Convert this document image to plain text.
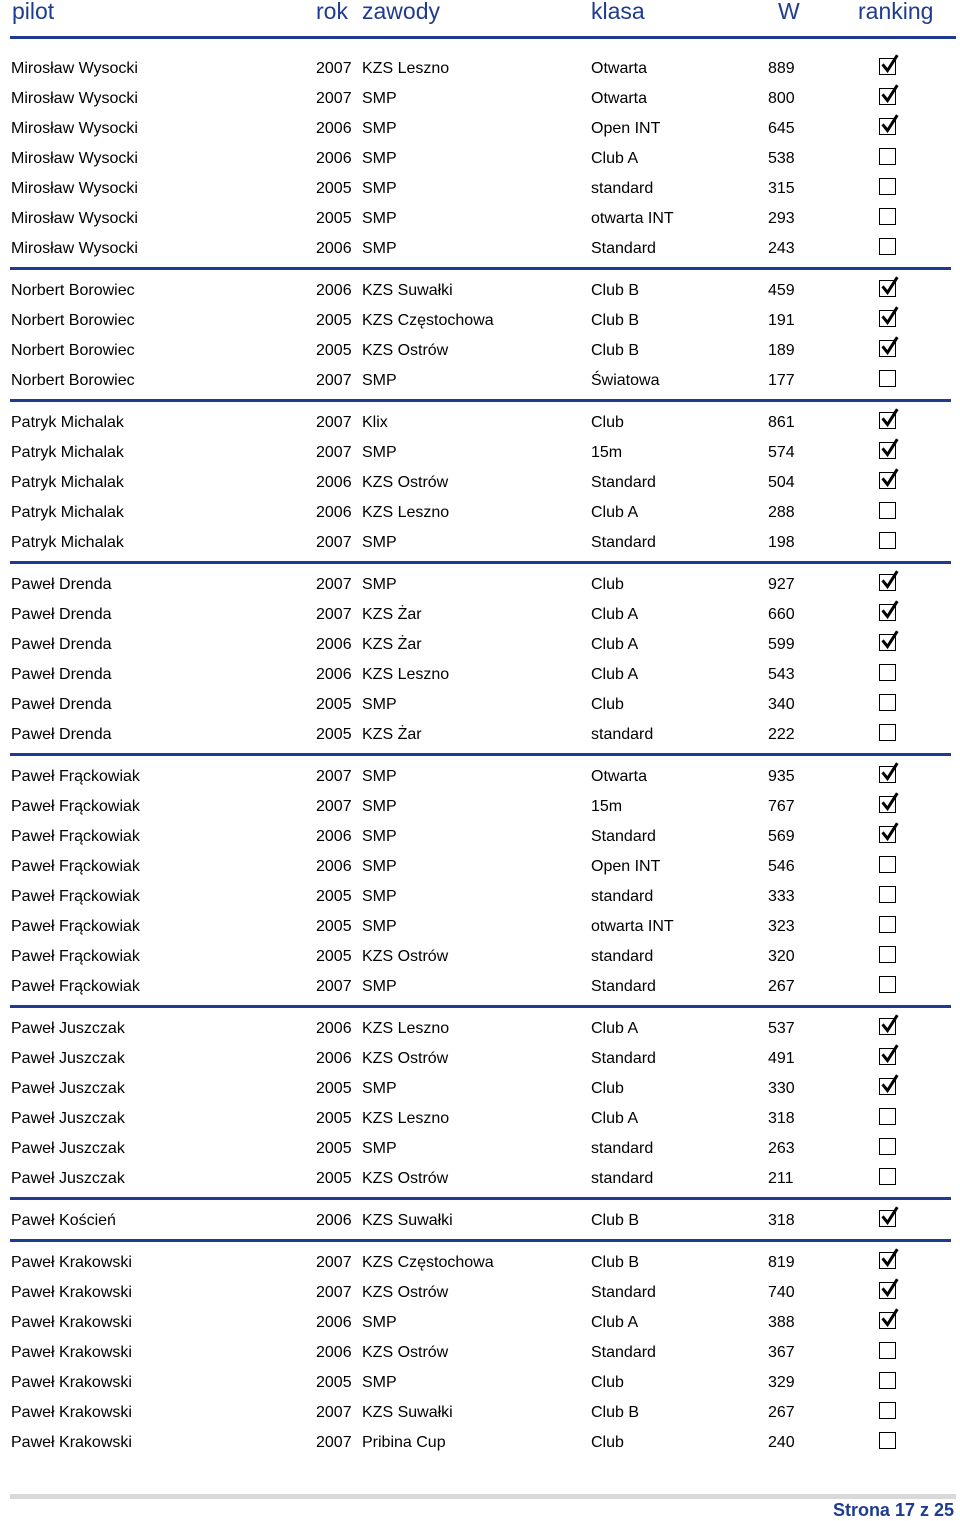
pilot	rok zawody	klasa	W	ranking
Mirosław Wysocki	2007 KZS Leszno	Otwarta	889
Mirosław Wysocki	2007 SMP	Otwarta	800
Mirosław Wysocki	2006 SMP	Open INT	645
Mirosław Wysocki	2006 SMP	Club A	538
Mirosław Wysocki	2005 SMP	standard	315
Mirosław Wysocki	2005 SMP	otwarta INT	293
Mirosław Wysocki	2006 SMP	Standard	243
Norbert Borowiec	2006 KZS Suwałki	Club B	459
Norbert Borowiec	2005 KZS Częstochowa	Club B	191
Norbert Borowiec	2005 KZS Ostrów	Club B	189
Norbert Borowiec	2007 SMP	Światowa	177
Patryk Michalak	2007 Klix	Club	861
Patryk Michalak	2007 SMP	15m	574
Patryk Michalak	2006 KZS Ostrów	Standard	504
Patryk Michalak	2006 KZS Leszno	Club A	288
Patryk Michalak	2007 SMP	Standard	198
Paweł Drenda	2007 SMP	Club	927
Paweł Drenda	2007 KZS Żar	Club A	660
Paweł Drenda	2006 KZS Żar	Club A	599
Paweł Drenda	2006 KZS Leszno	Club A	543
Paweł Drenda	2005 SMP	Club	340
Paweł Drenda	2005 KZS Żar	standard	222
Paweł Frąckowiak	2007 SMP	Otwarta	935
Paweł Frąckowiak	2007 SMP	15m	767
Paweł Frąckowiak	2006 SMP	Standard	569
Paweł Frąckowiak	2006 SMP	Open INT	546
Paweł Frąckowiak	2005 SMP	standard	333
Paweł Frąckowiak	2005 SMP	otwarta INT	323
Paweł Frąckowiak	2005 KZS Ostrów	standard	320
Paweł Frąckowiak	2007 SMP	Standard	267
Paweł Juszczak	2006 KZS Leszno	Club A	537
Paweł Juszczak	2006 KZS Ostrów	Standard	491
Paweł Juszczak	2005 SMP	Club	330
Paweł Juszczak	2005 KZS Leszno	Club A	318
Paweł Juszczak	2005 SMP	standard	263
Paweł Juszczak	2005 KZS Ostrów	standard	211
Paweł Koścień	2006 KZS Suwałki	Club B	318
Paweł Krakowski	2007 KZS Częstochowa	Club B	819
Paweł Krakowski	2007 KZS Ostrów	Standard	740
Paweł Krakowski	2006 SMP	Club A	388
Paweł Krakowski	2006 KZS Ostrów	Standard	367
Paweł Krakowski	2005 SMP	Club	329
Paweł Krakowski	2007 KZS Suwałki	Club B	267
Paweł Krakowski	2007 Pribina Cup	Club	240
Strona 17 z 25
